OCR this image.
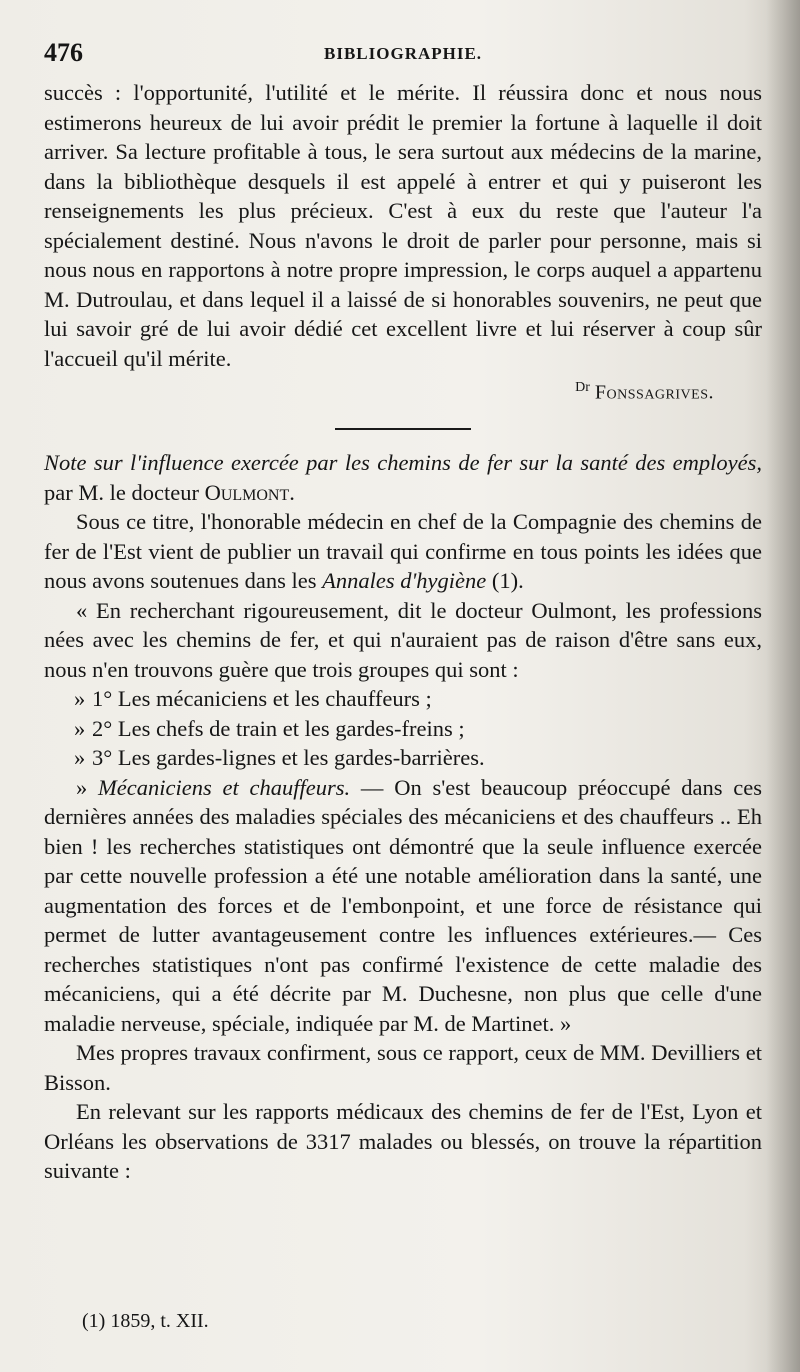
476	BIBLIOGRAPHIE.

succès : l'opportunité, l'utilité et le mérite. Il réussira donc et nous nous estimerons heureux de lui avoir prédit le premier la fortune à laquelle il doit arriver. Sa lecture profitable à tous, le sera surtout aux médecins de la marine, dans la bibliothèque desquels il est appelé à entrer et qui y puiseront les renseignements les plus précieux. C'est à eux du reste que l'auteur l'a spécialement destiné. Nous n'avons le droit de parler pour personne, mais si nous nous en rapportons à notre propre impression, le corps auquel a appartenu M. Dutroulau, et dans lequel il a laissé de si honorables souvenirs, ne peut que lui savoir gré de lui avoir dédié cet excellent livre et lui réserver à coup sûr l'accueil qu'il mérite.

$^{Dr}$ Fonssagrives.

Note sur l'influence exercée par les chemins de fer sur la santé des employés, par M. le docteur Oulmont.

Sous ce titre, l'honorable médecin en chef de la Compagnie des chemins de fer de l'Est vient de publier un travail qui confirme en tous points les idées que nous avons soutenues dans les Annales d'hygiène (1).

« En recherchant rigoureusement, dit le docteur Oulmont, les professions nées avec les chemins de fer, et qui n'auraient pas de raison d'être sans eux, nous n'en trouvons guère que trois groupes qui sont :

» 1° Les mécaniciens et les chauffeurs ;

» 2° Les chefs de train et les gardes-freins ;

» 3° Les gardes-lignes et les gardes-barrières.

» Mécaniciens et chauffeurs. — On s'est beaucoup préoccupé dans ces dernières années des maladies spéciales des mécaniciens et des chauffeurs .. Eh bien ! les recherches statistiques ont démontré que la seule influence exercée par cette nouvelle profession a été une notable amélioration dans la santé, une augmentation des forces et de l'embonpoint, et une force de résistance qui permet de lutter avantageusement contre les influences extérieures.— Ces recherches statistiques n'ont pas confirmé l'existence de cette maladie des mécaniciens, qui a été décrite par M. Duchesne, non plus que celle d'une maladie nerveuse, spéciale, indiquée par M. de Martinet. »

Mes propres travaux confirment, sous ce rapport, ceux de MM. Devilliers et Bisson.

En relevant sur les rapports médicaux des chemins de fer de l'Est, Lyon et Orléans les observations de 3317 malades ou blessés, on trouve la répartition suivante :

(1) 1859, t. XII.
